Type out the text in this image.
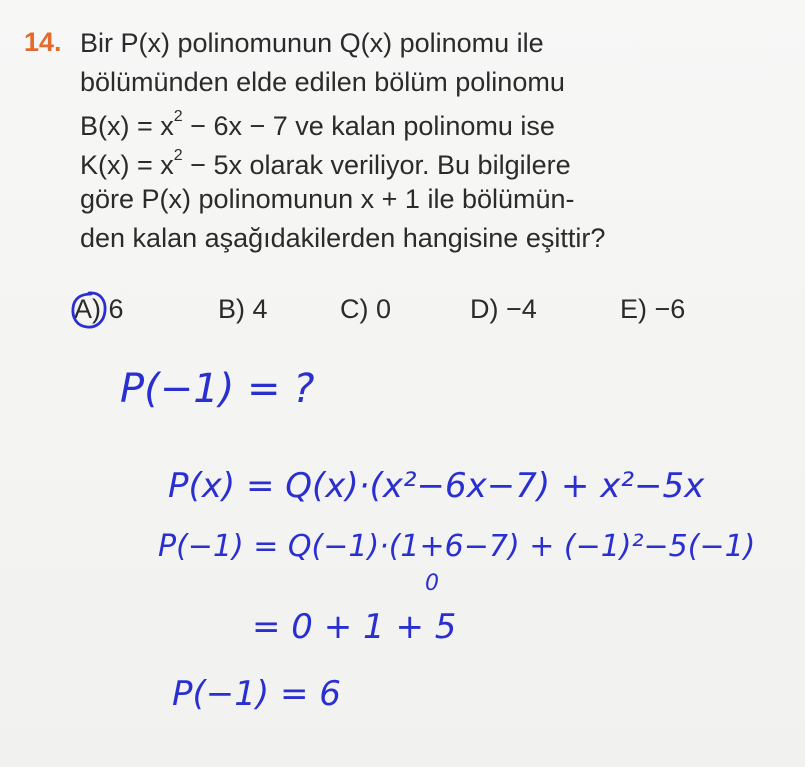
14. Bir P(x) polinomunun Q(x) polinomu ile
bölümünden elde edilen bölüm polinomu
$B(x) = x^2 - 6x - 7$ ve kalan polinomu ise
$K(x) = x^2 - 5x$ olarak veriliyor. Bu bilgilere
göre P(x) polinomunun x + 1 ile bölümün-
den kalan aşağıdakilerden hangisine eşittir?
A) 6	B) 4	C) 0	D) −4	E) −6
P(−1) = ?
P(x) = Q(x)·(x²−6x−7) + x²−5x
P(−1) = Q(−1)·(1+6−7) + (−1)²−5(−1)
0
= 0 + 1 + 5
P(−1) = 6
